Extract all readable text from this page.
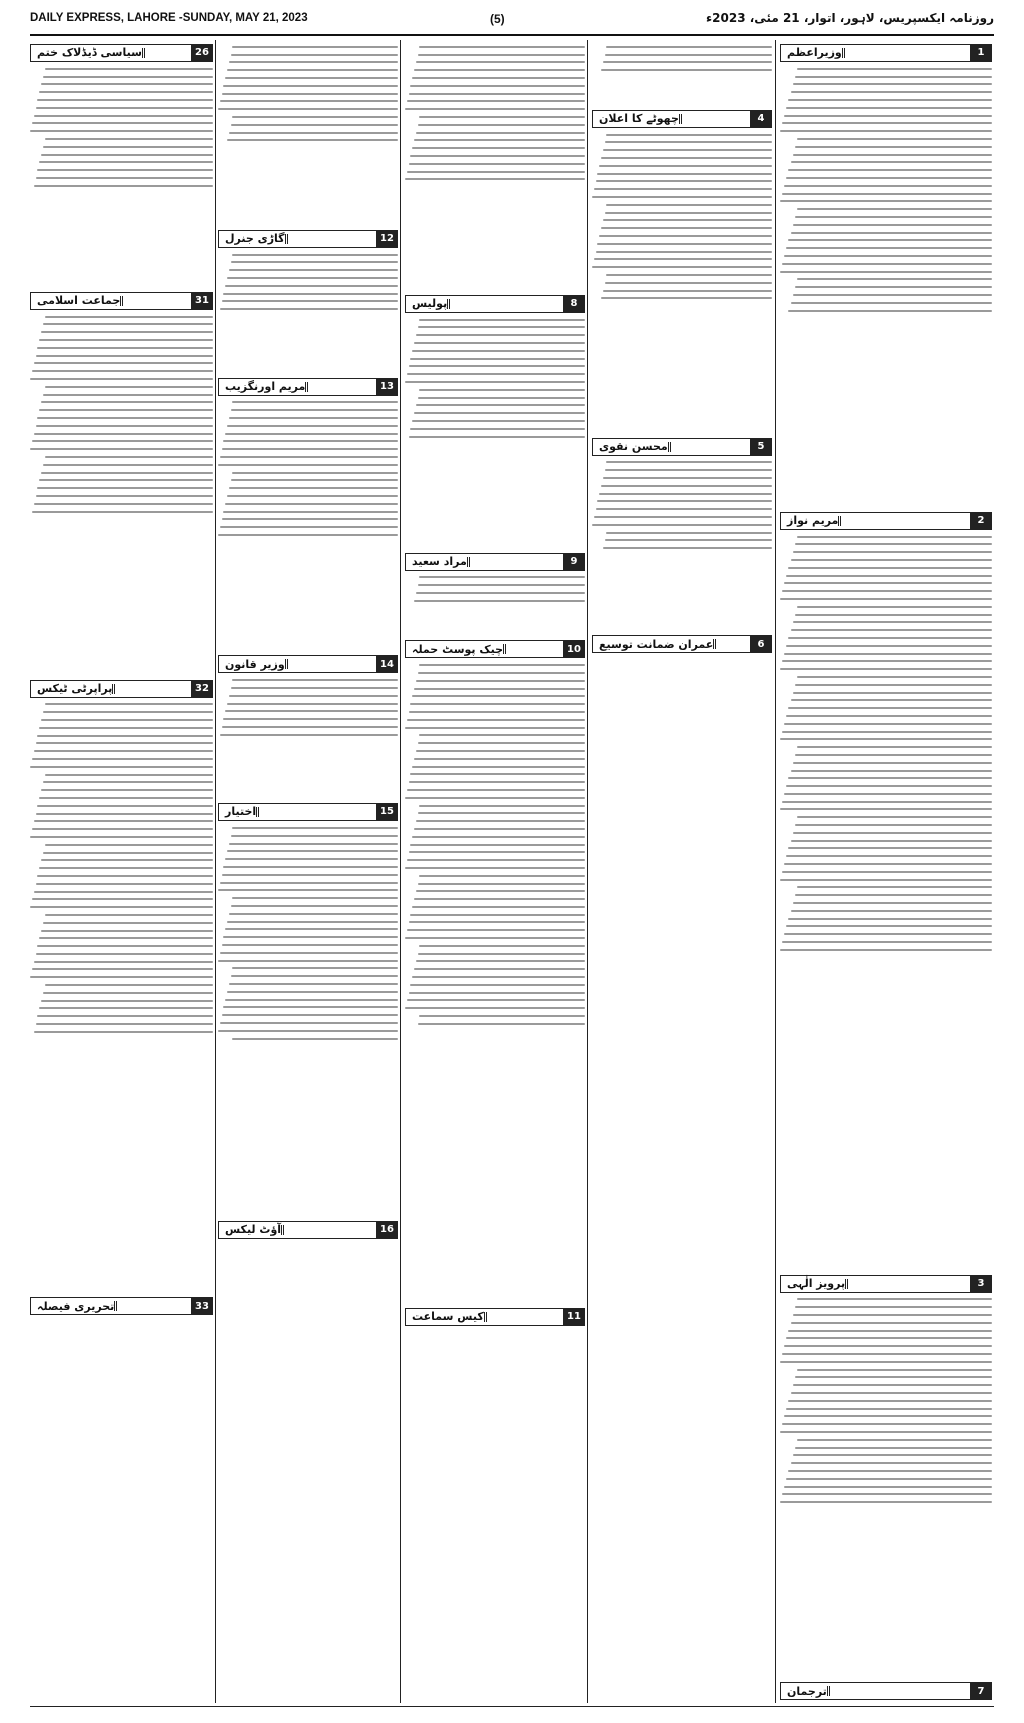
DAILY EXPRESS, LAHORE -SUNDAY, MAY 21, 2023	(5)	روزنامہ ایکسپریس، لاہور، اتوار، 21 مئی، 2023ء
1
وزیراعظم
2
مریم نواز
3
پرویز الٰہی
7
ترجمان
4
چھوٹے کا اعلان
5
محسن نقوی
6
عمران ضمانت توسیع
8
پولیس
9
مراد سعید
10
چیک پوسٹ حملہ
11
کیس سماعت
12
گاڑی جنرل
13
مریم اورنگزیب
14
وزیر قانون
15
اختیار
16
آؤٹ لیکس
26
سیاسی ڈیڈلاک ختم
31
جماعت اسلامی
32
پراپرٹی ٹیکس
33
تحریری فیصلہ
